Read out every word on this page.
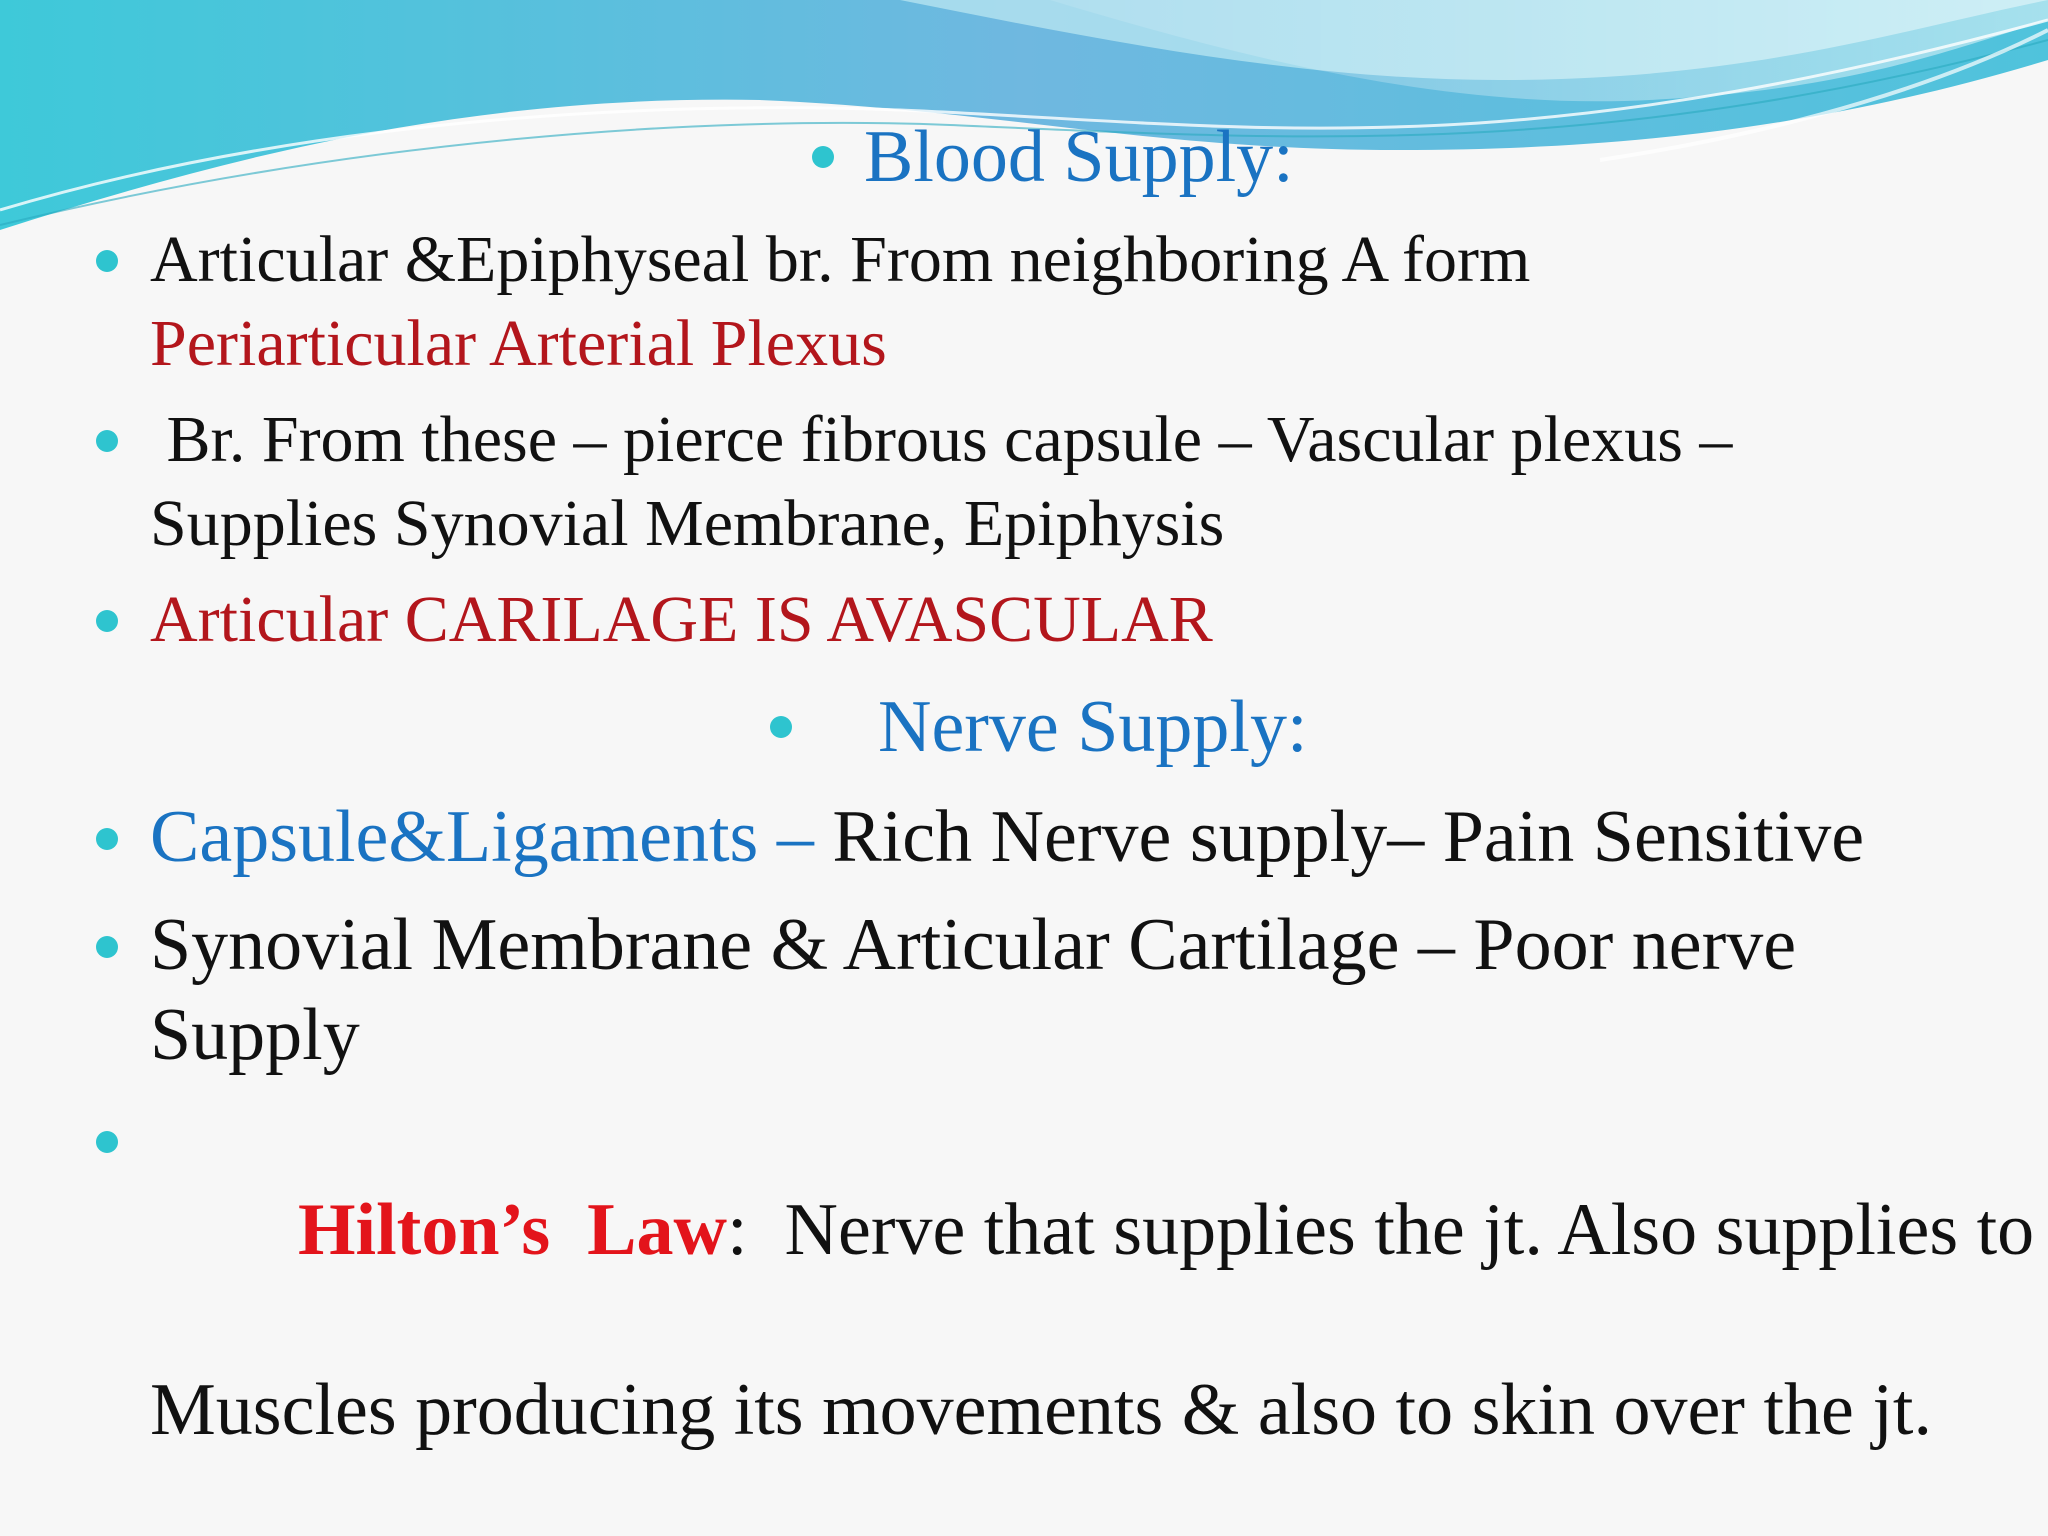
Blood Supply:
Articular &Epiphyseal br. From neighboring A form
Periarticular Arterial Plexus
Br. From these – pierce fibrous capsule – Vascular plexus –
Supplies Synovial Membrane, Epiphysis
Articular CARILAGE IS AVASCULAR
Nerve Supply:
Capsule&Ligaments – Rich Nerve supply– Pain Sensitive
Synovial Membrane & Articular Cartilage – Poor nerve
Supply

Hilton’s  Law:  Nerve that supplies the jt. Also supplies to

Muscles producing its movements & also to skin over the jt.
